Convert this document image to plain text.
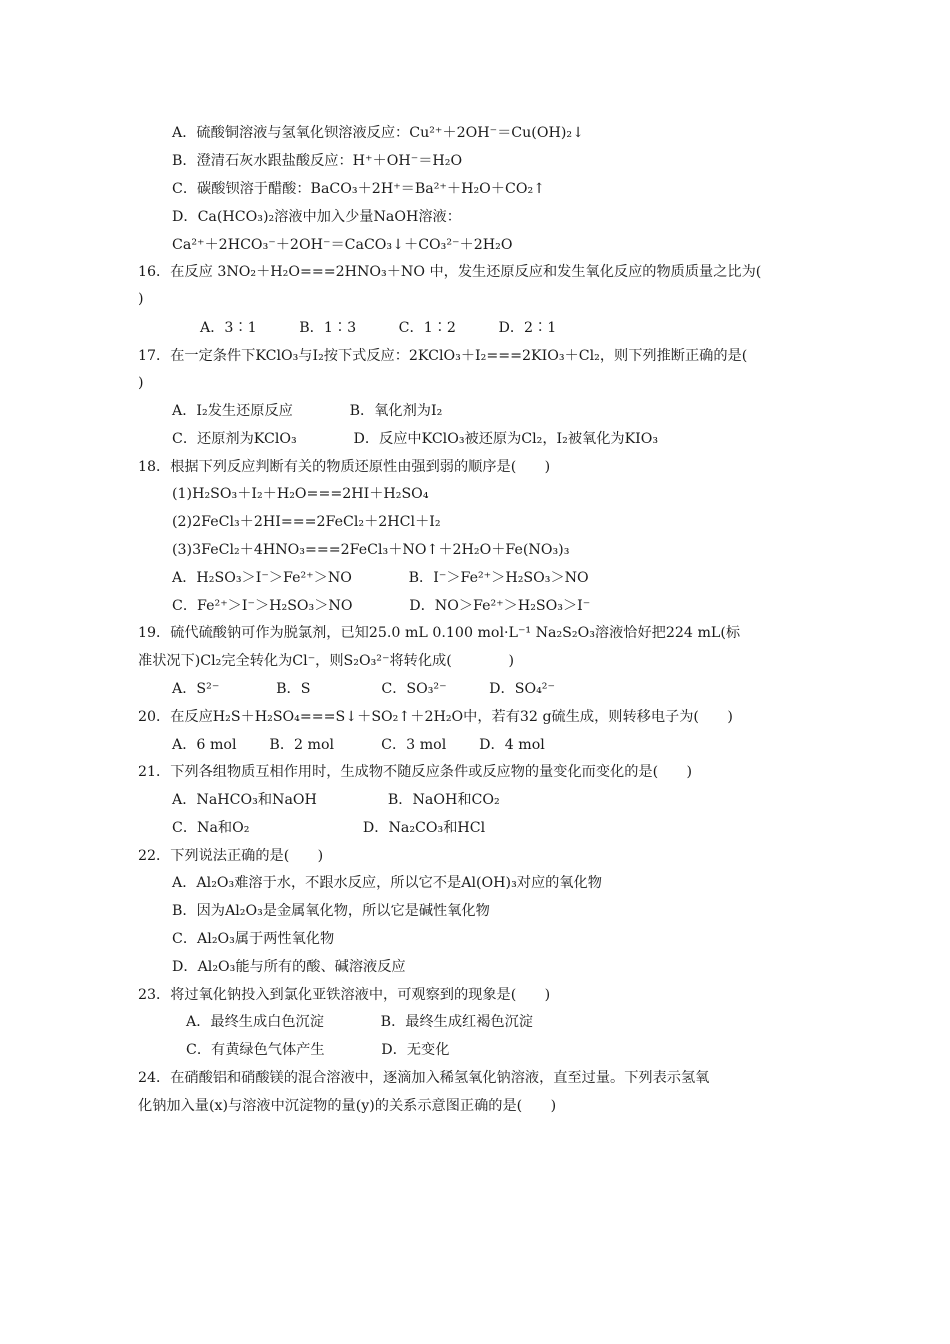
A．硫酸铜溶液与氢氧化钡溶液反应：Cu²⁺＋2OH⁻＝Cu(OH)₂↓
B．澄清石灰水跟盐酸反应：H⁺＋OH⁻＝H₂O
C．碳酸钡溶于醋酸：BaCO₃＋2H⁺＝Ba²⁺＋H₂O＋CO₂↑
D．Ca(HCO₃)₂溶液中加入少量NaOH溶液：
Ca²⁺＋2HCO₃⁻＋2OH⁻＝CaCO₃↓＋CO₃²⁻＋2H₂O
16．在反应 3NO₂＋H₂O===2HNO₃＋NO 中，发生还原反应和发生氧化反应的物质质量之比为(
)
A．3∶1　　　B．1∶3　　　C．1∶2　　　D．2∶1
17．在一定条件下KClO₃与I₂按下式反应：2KClO₃＋I₂===2KIO₃＋Cl₂，则下列推断正确的是(
)
A．I₂发生还原反应　　　　B．氧化剂为I₂
C．还原剂为KClO₃　　　　D．反应中KClO₃被还原为Cl₂，I₂被氧化为KIO₃
18．根据下列反应判断有关的物质还原性由强到弱的顺序是(　　)
(1)H₂SO₃＋I₂＋H₂O===2HI＋H₂SO₄
(2)2FeCl₃＋2HI===2FeCl₂＋2HCl＋I₂
(3)3FeCl₂＋4HNO₃===2FeCl₃＋NO↑＋2H₂O＋Fe(NO₃)₃
A．H₂SO₃＞I⁻＞Fe²⁺＞NO　　　　B．I⁻＞Fe²⁺＞H₂SO₃＞NO
C．Fe²⁺＞I⁻＞H₂SO₃＞NO　　　　D．NO＞Fe²⁺＞H₂SO₃＞I⁻
19．硫代硫酸钠可作为脱氯剂，已知25.0 mL 0.100 mol·L⁻¹ Na₂S₂O₃溶液恰好把224 mL(标
准状况下)Cl₂完全转化为Cl⁻，则S₂O₃²⁻将转化成(　　　　)
A．S²⁻　　　　B．S　　　　　C．SO₃²⁻　　　D．SO₄²⁻
20．在反应H₂S＋H₂SO₄===S↓＋SO₂↑＋2H₂O中，若有32 g硫生成，则转移电子为(　　)
A．6 mol　　 B．2 mol　　　 C．3 mol　　 D．4 mol
21．下列各组物质互相作用时，生成物不随反应条件或反应物的量变化而变化的是(　　)
A．NaHCO₃和NaOH　　　　　B．NaOH和CO₂
C．Na和O₂　　　　　　　　D．Na₂CO₃和HCl
22．下列说法正确的是(　　)
A．Al₂O₃难溶于水，不跟水反应，所以它不是Al(OH)₃对应的氧化物
B．因为Al₂O₃是金属氧化物，所以它是碱性氧化物
C．Al₂O₃属于两性氧化物
D．Al₂O₃能与所有的酸、碱溶液反应
23．将过氧化钠投入到氯化亚铁溶液中，可观察到的现象是(　　)
A．最终生成白色沉淀　　　　B．最终生成红褐色沉淀
C．有黄绿色气体产生　　　　D．无变化
24．在硝酸铝和硝酸镁的混合溶液中，逐滴加入稀氢氧化钠溶液，直至过量。下列表示氢氧
化钠加入量(x)与溶液中沉淀物的量(y)的关系示意图正确的是(　　)
